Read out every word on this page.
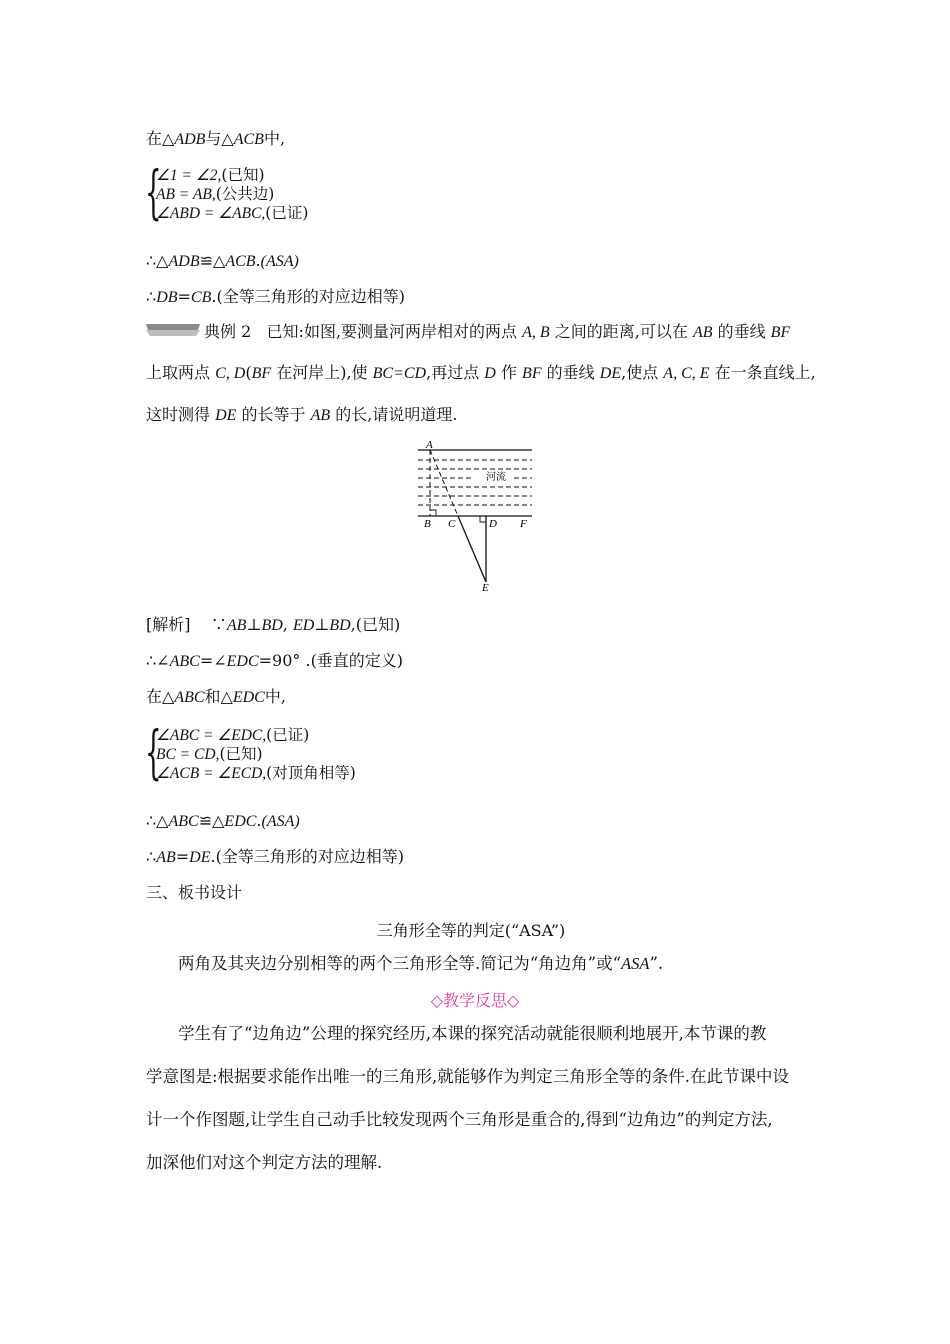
在△ADB与△ACB中,
{
∠1 = ∠2,(已知)
AB = AB,(公共边)
∠ABD = ∠ABC,(已证)
∴△ADB≌△ACB.(ASA)
∴DB=CB.(全等三角形的对应边相等)
典例 2 已知:如图,要测量河两岸相对的两点 A, B 之间的距离,可以在 AB 的垂线 BF
上取两点 C, D(BF 在河岸上),使 BC=CD,再过点 D 作 BF 的垂线 DE,使点 A, C, E 在一条直线上,
这时测得 DE 的长等于 AB 的长,请说明道理.
A
B C	D F
E
河流
[解析] ∵AB⊥BD, ED⊥BD,(已知)
∴∠ABC=∠EDC=90° .(垂直的定义)
在△ABC和△EDC中,
{
∠ABC = ∠EDC,(已证)
BC = CD,(已知)
∠ACB = ∠ECD,(对顶角相等)
∴△ABC≌△EDC.(ASA)
∴AB=DE.(全等三角形的对应边相等)
三、板书设计
三角形全等的判定(“ASA”)
两角及其夹边分别相等的两个三角形全等.简记为“角边角”或“ASA”.
◇教学反思◇
学生有了“边角边”公理的探究经历,本课的探究活动就能很顺利地展开,本节课的教
学意图是:根据要求能作出唯一的三角形,就能够作为判定三角形全等的条件.在此节课中设
计一个作图题,让学生自己动手比较发现两个三角形是重合的,得到“边角边”的判定方法,
加深他们对这个判定方法的理解.
